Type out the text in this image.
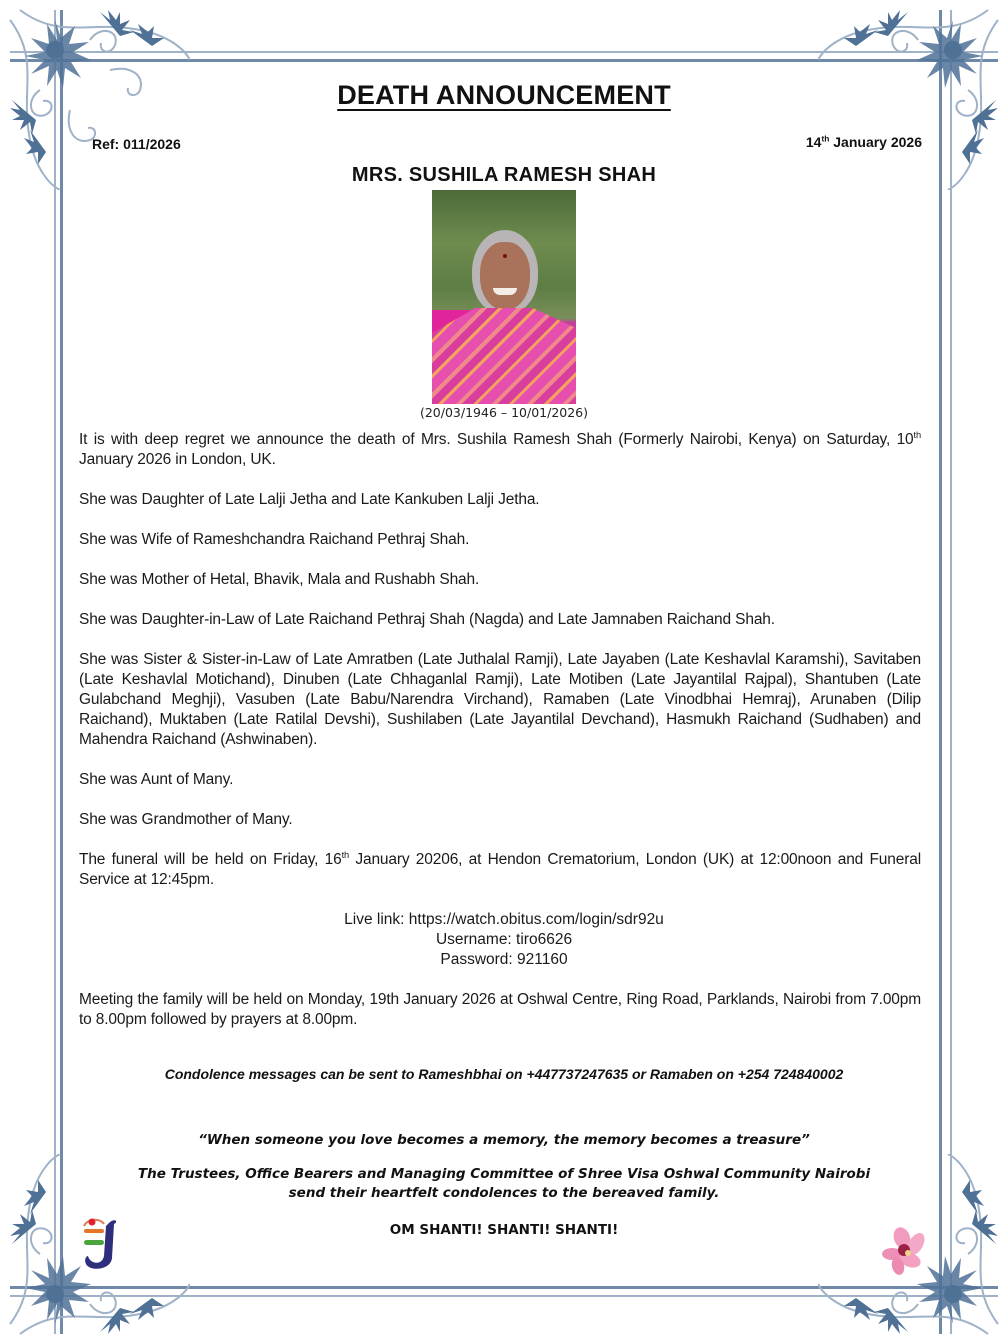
DEATH ANNOUNCEMENT
Ref: 011/2026	14th January 2026
MRS. SUSHILA RAMESH SHAH
(20/03/1946 – 10/01/2026)
It is with deep regret we announce the death of Mrs. Sushila Ramesh Shah (Formerly Nairobi, Kenya) on Saturday, 10th January 2026 in London, UK.
She was Daughter of Late Lalji Jetha and Late Kankuben Lalji Jetha.
She was Wife of Rameshchandra Raichand Pethraj Shah.
She was Mother of Hetal, Bhavik, Mala and Rushabh Shah.
She was Daughter-in-Law of Late Raichand Pethraj Shah (Nagda) and Late Jamnaben Raichand Shah.
She was Sister & Sister-in-Law of Late Amratben (Late Juthalal Ramji), Late Jayaben (Late Keshavlal Karamshi), Savitaben (Late Keshavlal Motichand), Dinuben (Late Chhaganlal Ramji), Late Motiben (Late Jayantilal Rajpal), Shantuben (Late Gulabchand Meghji), Vasuben (Late Babu/Narendra Virchand), Ramaben (Late Vinodbhai Hemraj), Arunaben (Dilip Raichand), Muktaben (Late Ratilal Devshi), Sushilaben (Late Jayantilal Devchand), Hasmukh Raichand (Sudhaben) and Mahendra Raichand (Ashwinaben).
She was Aunt of Many.
She was Grandmother of Many.
The funeral will be held on Friday, 16th January 20206, at Hendon Crematorium, London (UK) at 12:00noon and Funeral Service at 12:45pm.
Live link: https://watch.obitus.com/login/sdr92u
Username: tiro6626
Password: 921160
Meeting the family will be held on Monday, 19th January 2026 at Oshwal Centre, Ring Road, Parklands, Nairobi from 7.00pm to 8.00pm followed by prayers at 8.00pm.
Condolence messages can be sent to Rameshbhai on +447737247635 or Ramaben on +254 724840002
“When someone you love becomes a memory, the memory becomes a treasure”
The Trustees, Office Bearers and Managing Committee of Shree Visa Oshwal Community Nairobi
send their heartfelt condolences to the bereaved family.
OM SHANTI! SHANTI! SHANTI!
